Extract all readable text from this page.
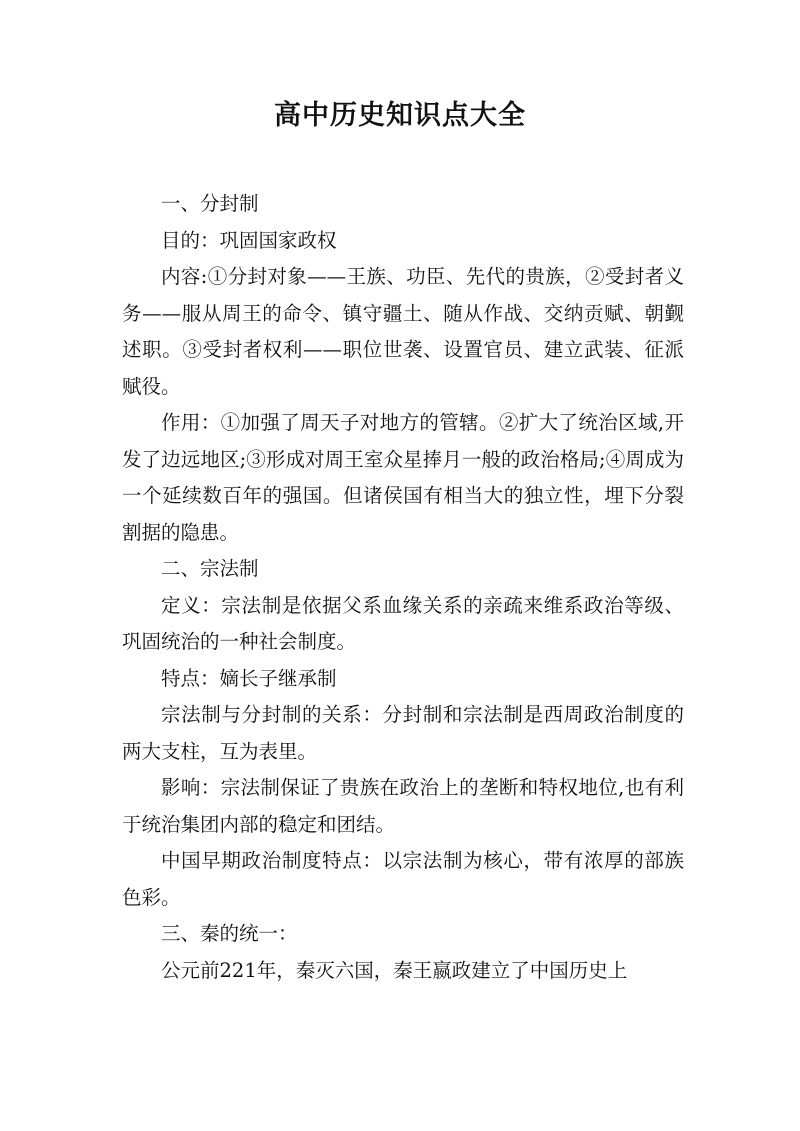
高中历史知识点大全

一、分封制

目的：巩固国家政权

内容:①分封对象——王族、功臣、先代的贵族，②受封者义务——服从周王的命令、镇守疆土、随从作战、交纳贡赋、朝觐述职。③受封者权利——职位世袭、设置官员、建立武装、征派赋役。

作用：①加强了周天子对地方的管辖。②扩大了统治区域,开发了边远地区;③形成对周王室众星捧月一般的政治格局;④周成为一个延续数百年的强国。但诸侯国有相当大的独立性，埋下分裂割据的隐患。

二、宗法制

定义：宗法制是依据父系血缘关系的亲疏来维系政治等级、巩固统治的一种社会制度。

特点：嫡长子继承制

宗法制与分封制的关系：分封制和宗法制是西周政治制度的两大支柱，互为表里。

影响：宗法制保证了贵族在政治上的垄断和特权地位,也有利于统治集团内部的稳定和团结。

中国早期政治制度特点：以宗法制为核心，带有浓厚的部族色彩。

三、秦的统一：

公元前221年，秦灭六国，秦王嬴政建立了中国历史上
